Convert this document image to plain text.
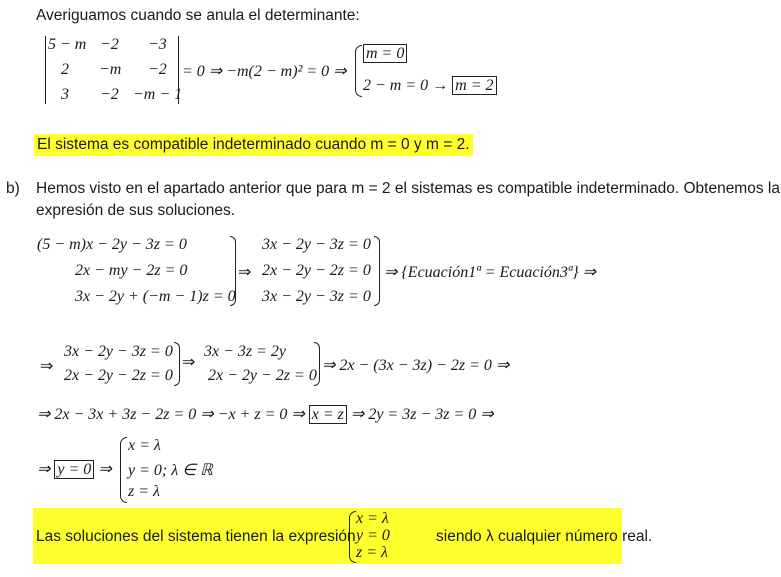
Averiguamos cuando se anula el determinante:
5 − m −2 −3
2 −m −2
3 −2 −m − 1
= 0 ⇒ −m(2 − m)² = 0 ⇒
m = 0
2 − m = 0 → m = 2
El sistema es compatible indeterminado cuando m = 0 y m = 2.
b) Hemos visto en el apartado anterior que para m = 2 el sistemas es compatible indeterminado. Obtenemos la
expresión de sus soluciones.
(5 − m)x − 2y − 3z = 0
2x − my − 2z = 0
3x − 2y + (−m − 1)z = 0
⇒
3x − 2y − 3z = 0
2x − 2y − 2z = 0
3x − 2y − 3z = 0
⇒ {Ecuación1ª = Ecuación3ª} ⇒
⇒
3x − 2y − 3z = 0
2x − 2y − 2z = 0
⇒
3x − 3z = 2y
2x − 2y − 2z = 0
⇒ 2x − (3x − 3z) − 2z = 0 ⇒
⇒ 2x − 3x + 3z − 2z = 0 ⇒ −x + z = 0 ⇒ x = z ⇒ 2y = 3z − 3z = 0 ⇒
⇒ y = 0 ⇒
x = λ
y = 0; λ ∈ ℝ
z = λ
Las soluciones del sistema tienen la expresión
x = λ
y = 0
z = λ
siendo λ cualquier número real.
